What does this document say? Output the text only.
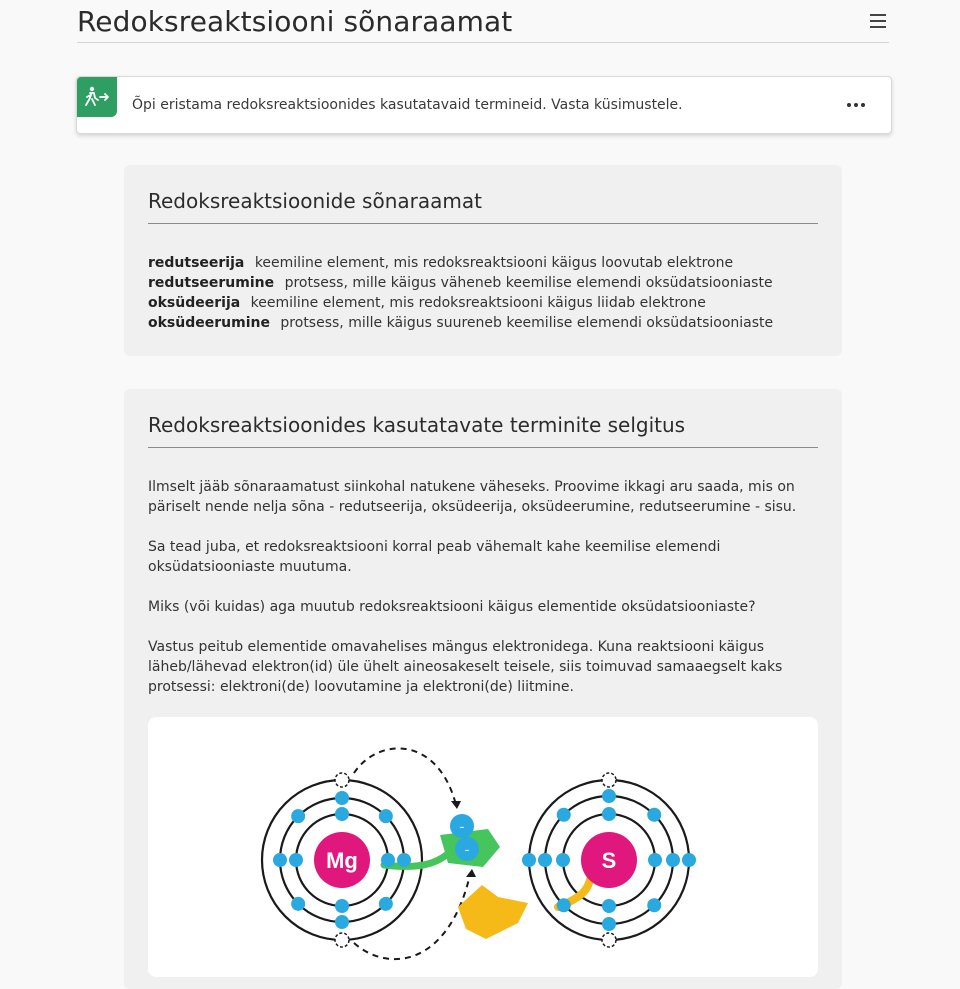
Redoksreaktsiooni sõnaraamat
Õpi eristama redoksreaktsioonides kasutatavaid termineid. Vasta küsimustele.
Redoksreaktsioonide sõnaraamat
redutseerija keemiline element, mis redoksreaktsiooni käigus loovutab elektrone
redutseerumine protsess, mille käigus väheneb keemilise elemendi oksüdatsiooniaste
oksüdeerija keemiline element, mis redoksreaktsiooni käigus liidab elektrone
oksüdeerumine protsess, mille käigus suureneb keemilise elemendi oksüdatsiooniaste
Redoksreaktsioonides kasutatavate terminite selgitus

Ilmselt jääb sõnaraamatust siinkohal natukene väheseks. Proovime ikkagi aru saada, mis on päriselt nende nelja sõna - redutseerija, oksüdeerija, oksüdeerumine, redutseerumine - sisu.

Sa tead juba, et redoksreaktsiooni korral peab vähemalt kahe keemilise elemendi oksüdatsiooniaste muutuma.

Miks (või kuidas) aga muutub redoksreaktsiooni käigus elementide oksüdatsiooniaste?

Vastus peitub elementide omavahelises mängus elektronidega. Kuna reaktsiooni käigus läheb/lähevad elektron(id) üle ühelt aineosakeselt teisele, siis toimuvad samaaegselt kaks protsessi: elektroni(de) loovutamine ja elektroni(de) liitmine.

Mg	S
-
-
